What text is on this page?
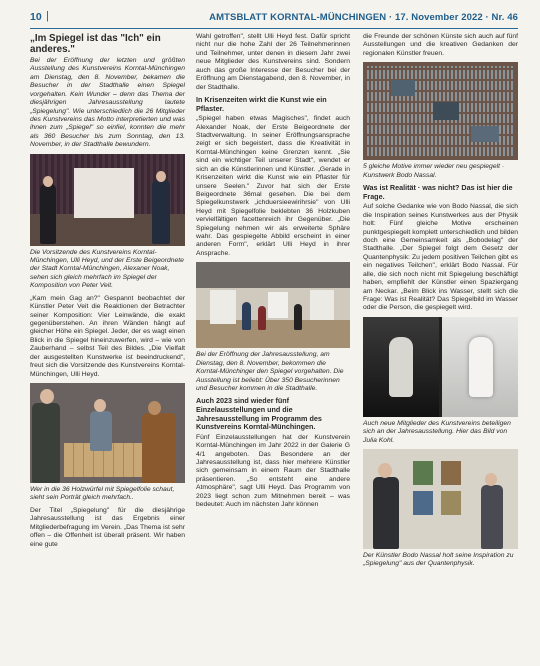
10 |	AMTSBLATT KORNTAL-MÜNCHINGEN · 17. November 2022 · Nr. 46
„Im Spiegel ist das "Ich" ein anderes."

Bei der Eröffnung der letzten und größten Ausstellung des Kunstvereins Korntal-Münchingen am Dienstag, den 8. November, bekamen die Besucher in der Stadthalle einen Spiegel vorgehalten. Kein Wunder – denn das Thema der diesjährigen Jahresausstellung lautete „Spiegelung". Wie unterschiedlich die 26 Mitglieder des Kunstvereins das Motto interpretierten und was ihnen zum „Spiegel" so einfiel, konnten die mehr als 360 Besucher bis zum Sonntag, den 13. November, in der Stadthalle bewundern.

Die Vorsitzende des Kunstvereins Korntal-Münchingen, Ulli Heyd, und der Erste Beigeordnete der Stadt Korntal-Münchingen, Alexaner Noak, sehen sich gleich mehrfach im Spiegel der Komposition von Peter Veit.

„Kam mein Gag an?" Gespannt beobachtet der Künstler Peter Veit die Reaktionen der Betrachter seiner Komposition: Vier Leinwände, die exakt gegenüberstehen. An ihren Wänden hängt auf gleicher Höhe ein Spiegel. Jeder, der es wagt einen Blick in die Spiegel hineinzuwerfen, wird – wie von Zauberhand – selbst Teil des Bildes. „Die Vielfalt der ausgestellten Kunstwerke ist beeindruckend", freut sich die Vorsitzende des Kunstvereins Korntal-Münchingen, Ulli Heyd.

Wer in die 36 Holzwürfel mit Spiegelfolie schaut, sieht sein Porträt gleich mehrfach..

Der Titel „Spiegelung" für die diesjährige Jahresausstellung ist das Ergebnis einer Mitgliederbefragung im Verein. „Das Thema ist sehr offen – die Offenheit ist überall präsent. Wir haben eine gute

Wahl getroffen", stellt Ulli Heyd fest. Dafür spricht nicht nur die hohe Zahl der 26 Teilnehmerinnen und Teilnehmer, unter denen in diesem Jahr zwei neue Mitglieder des Kunstvereins sind. Sondern auch das große Interesse der Besucher bei der Eröffnung am Dienstagabend, den 8. November, in der Stadthalle.

In Krisenzeiten wirkt die Kunst wie ein Pflaster.

„Spiegel haben etwas Magisches", findet auch Alexander Noak, der Erste Beigeordnete der Stadtverwaltung. In seiner Eröffnungsansprache zeigt er sich begeistert, dass die Kreativität in Korntal-Münchingen keine Grenzen kennt. „Sie sind ein wichtiger Teil unserer Stadt", wendet er sich an die Künstlerinnen und Künstler. „Gerade in Krisenzeiten wirkt die Kunst wie ein Pflaster für unsere Seelen." Zuvor hat sich der Erste Beigeordnete 36mal gesehen. Die bei dem Spiegelkunstwerk „ichduersieewirihrsie" von Ulli Heyd mit Spiegelfolie beklebten 36 Holzkuben vervielfältigen facettenreich ihr Gegenüber. „Die Spiegelung nehmen wir als erweiterte Sphäre wahr. Das gespiegelte Abbild erscheint in einer anderen Form", erklärt Ulli Heyd in ihrer Ansprache.

Bei der Eröffnung der Jahresausstellung, am Dienstag, den 8. November, bekommen die Korntal-Münchinger den Spiegel vorgehalten. Die Ausstellung ist beliebt: Über 350 Besucherinnen und Besucher kommen in die Stadthalle.

Auch 2023 sind wieder fünf Einzelausstellungen und die Jahresausstellung im Programm des Kunstvereins Korntal-Münchingen.

Fünf Einzelausstellungen hat der Kunstverein Korntal-Münchingen im Jahr 2022 in der Galerie G 4/1 angeboten. Das Besondere an der Jahresausstellung ist, dass hier mehrere Künstler sich gemeinsam in einem Raum der Stadthalle präsentieren. „So entsteht eine andere Atmosphäre", sagt Ulli Heyd. Das Programm von 2023 liegt schon zum Mitnehmen bereit – was bedeutet: Auch im nächsten Jahr können

die Freunde der schönen Künste sich auch auf fünf Ausstellungen und die kreativen Gedanken der regionalen Künstler freuen.

5 gleiche Motive immer wieder neu gespiegelt · Kunstwerk Bodo Nassal.

Was ist Realität · was nicht? Das ist hier die Frage.

Auf solche Gedanke wie von Bodo Nassal, die sich die Inspiration seines Kunstwerkes aus der Physik holt: Fünf gleiche Motive erscheinen punktgespiegelt komplett unterschiedlich und bilden doch eine Gemeinsamkeit als „Bobodelag" der Stadthalle. „Der Spiegel folgt dem Gesetz der Quantenphysik: Zu jedem positiven Teilchen gibt es ein negatives Teilchen", erklärt Bodo Nassal. Für alle, die sich noch nicht mit Spiegelung beschäftigt haben, empfiehlt der Künstler einen Spaziergang am Neckar. „Beim Blick ins Wasser, stellt sich die Frage: Was ist Realität? Das Spiegelbild im Wasser oder die Person, die gespiegelt wird.

Auch neue Mitglieder des Kunstvereins beteiligen sich an der Jahresausstellung. Hier das Bild von Julia Kohl.

Der Künstler Bodo Nassal holt seine Inspiration zu „Spiegelung" aus der Quantenphysik.
